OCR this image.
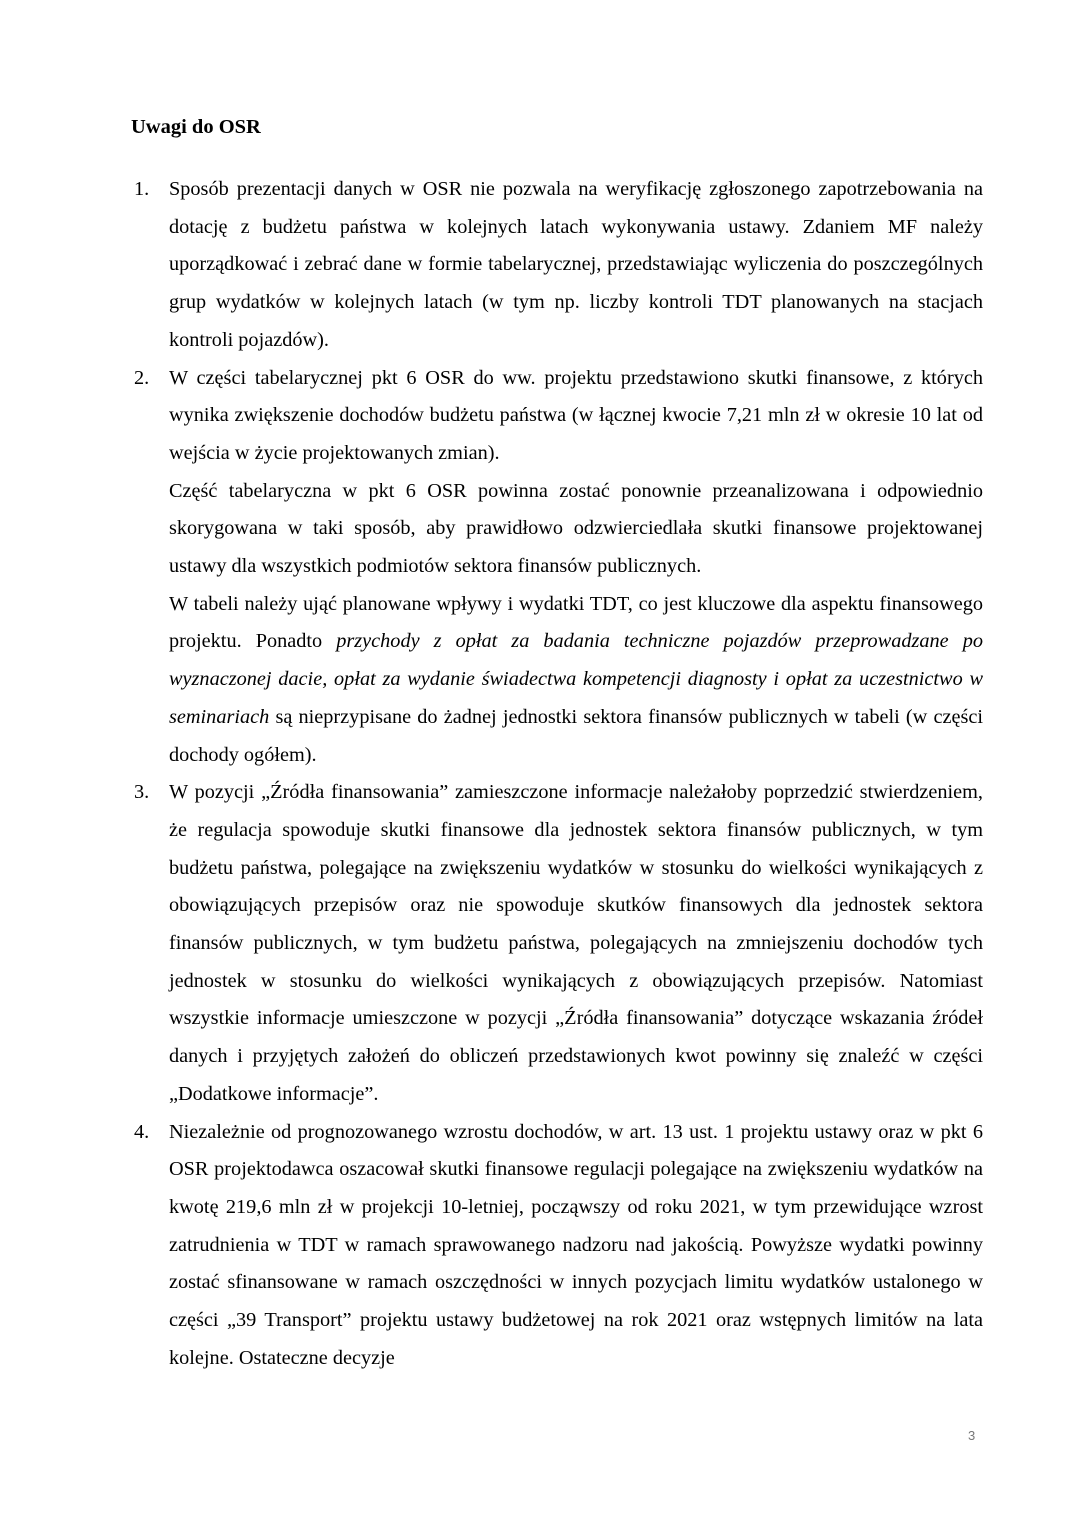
Uwagi do OSR
1. Sposób prezentacji danych w OSR nie pozwala na weryfikację zgłoszonego zapotrzebowania na dotację z budżetu państwa w kolejnych latach wykonywania ustawy. Zdaniem MF należy uporządkować i zebrać dane w formie tabelarycznej, przedstawiając wyliczenia do poszczególnych grup wydatków w kolejnych latach (w tym np. liczby kontroli TDT planowanych na stacjach kontroli pojazdów).

2. W części tabelarycznej pkt 6 OSR do ww. projektu przedstawiono skutki finansowe, z których wynika zwiększenie dochodów budżetu państwa (w łącznej kwocie 7,21 mln zł w okresie 10 lat od wejścia w życie projektowanych zmian).

Część tabelaryczna w pkt 6 OSR powinna zostać ponownie przeanalizowana i odpowiednio skorygowana w taki sposób, aby prawidłowo odzwierciedlała skutki finansowe projektowanej ustawy dla wszystkich podmiotów sektora finansów publicznych.

W tabeli należy ująć planowane wpływy i wydatki TDT, co jest kluczowe dla aspektu finansowego projektu. Ponadto przychody z opłat za badania techniczne pojazdów przeprowadzane po wyznaczonej dacie, opłat za wydanie świadectwa kompetencji diagnosty i opłat za uczestnictwo w seminariach są nieprzypisane do żadnej jednostki sektora finansów publicznych w tabeli (w części dochody ogółem).

3. W pozycji „Źródła finansowania” zamieszczone informacje należałoby poprzedzić stwierdzeniem, że regulacja spowoduje skutki finansowe dla jednostek sektora finansów publicznych, w tym budżetu państwa, polegające na zwiększeniu wydatków w stosunku do wielkości wynikających z obowiązujących przepisów oraz nie spowoduje skutków finansowych dla jednostek sektora finansów publicznych, w tym budżetu państwa, polegających na zmniejszeniu dochodów tych jednostek w stosunku do wielkości wynikających z obowiązujących przepisów. Natomiast wszystkie informacje umieszczone w pozycji „Źródła finansowania” dotyczące wskazania źródeł danych i przyjętych założeń do obliczeń przedstawionych kwot powinny się znaleźć w części „Dodatkowe informacje”.

4. Niezależnie od prognozowanego wzrostu dochodów, w art. 13 ust. 1 projektu ustawy oraz w pkt 6 OSR projektodawca oszacował skutki finansowe regulacji polegające na zwiększeniu wydatków na kwotę 219,6 mln zł w projekcji 10-letniej, począwszy od roku 2021, w tym przewidujące wzrost zatrudnienia w TDT w ramach sprawowanego nadzoru nad jakością. Powyższe wydatki powinny zostać sfinansowane w ramach oszczędności w innych pozycjach limitu wydatków ustalonego w części „39 Transport” projektu ustawy budżetowej na rok 2021 oraz wstępnych limitów na lata kolejne. Ostateczne decyzje

3
